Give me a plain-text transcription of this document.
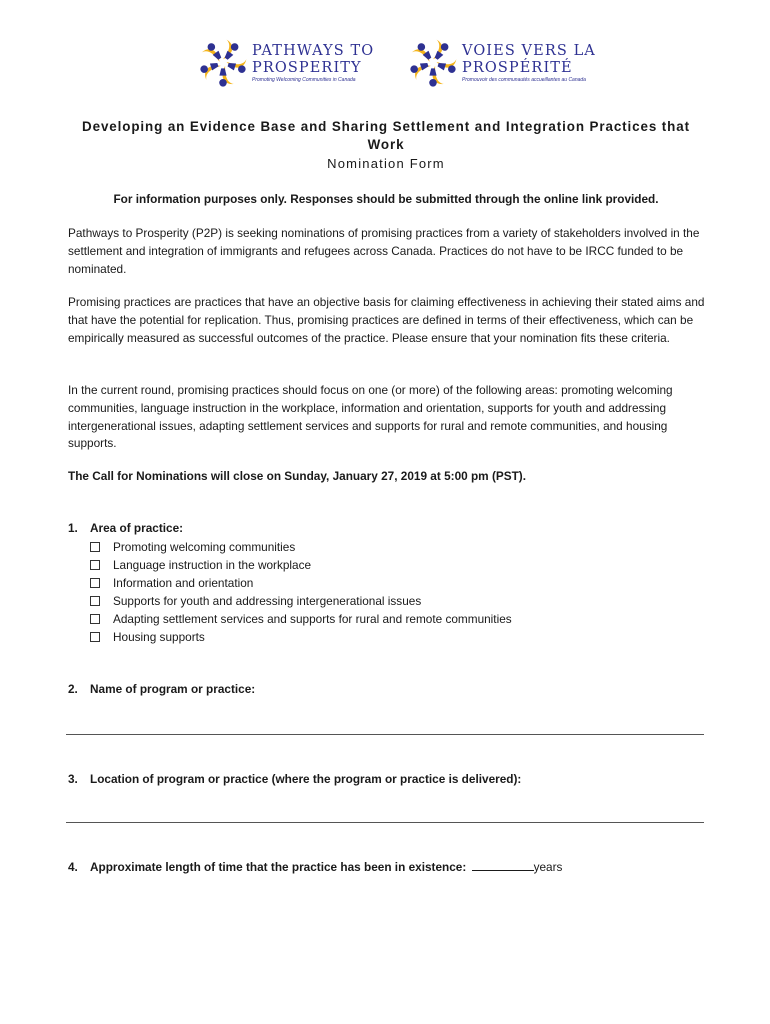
PATHWAYS TO
PROSPERITY
Promoting Welcoming Communities in Canada
VOIES VERS LA
PROSPÉRITÉ
Promouvoir des communautés accueillantes au Canada
Developing an Evidence Base and Sharing Settlement and Integration Practices that Work
Nomination Form
For information purposes only. Responses should be submitted through the online link provided.

Pathways to Prosperity (P2P) is seeking nominations of promising practices from a variety of stakeholders involved in the settlement and integration of immigrants and refugees across Canada. Practices do not have to be IRCC funded to be nominated.

Promising practices are practices that have an objective basis for claiming effectiveness in achieving their stated aims and that have the potential for replication. Thus, promising practices are defined in terms of their effectiveness, which can be empirically measured as successful outcomes of the practice. Please ensure that your nomination fits these criteria.

In the current round, promising practices should focus on one (or more) of the following areas: promoting welcoming communities, language instruction in the workplace, information and orientation, supports for youth and addressing intergenerational issues, adapting settlement services and supports for rural and remote communities, and housing supports.

The Call for Nominations will close on Sunday, January 27, 2019 at 5:00 pm (PST).

1. Area of practice:
Promoting welcoming communities
Language instruction in the workplace
Information and orientation
Supports for youth and addressing intergenerational issues
Adapting settlement services and supports for rural and remote communities
Housing supports
2. Name of program or practice:
3. Location of program or practice (where the program or practice is delivered):
4. Approximate length of time that the practice has been in existence:	years
